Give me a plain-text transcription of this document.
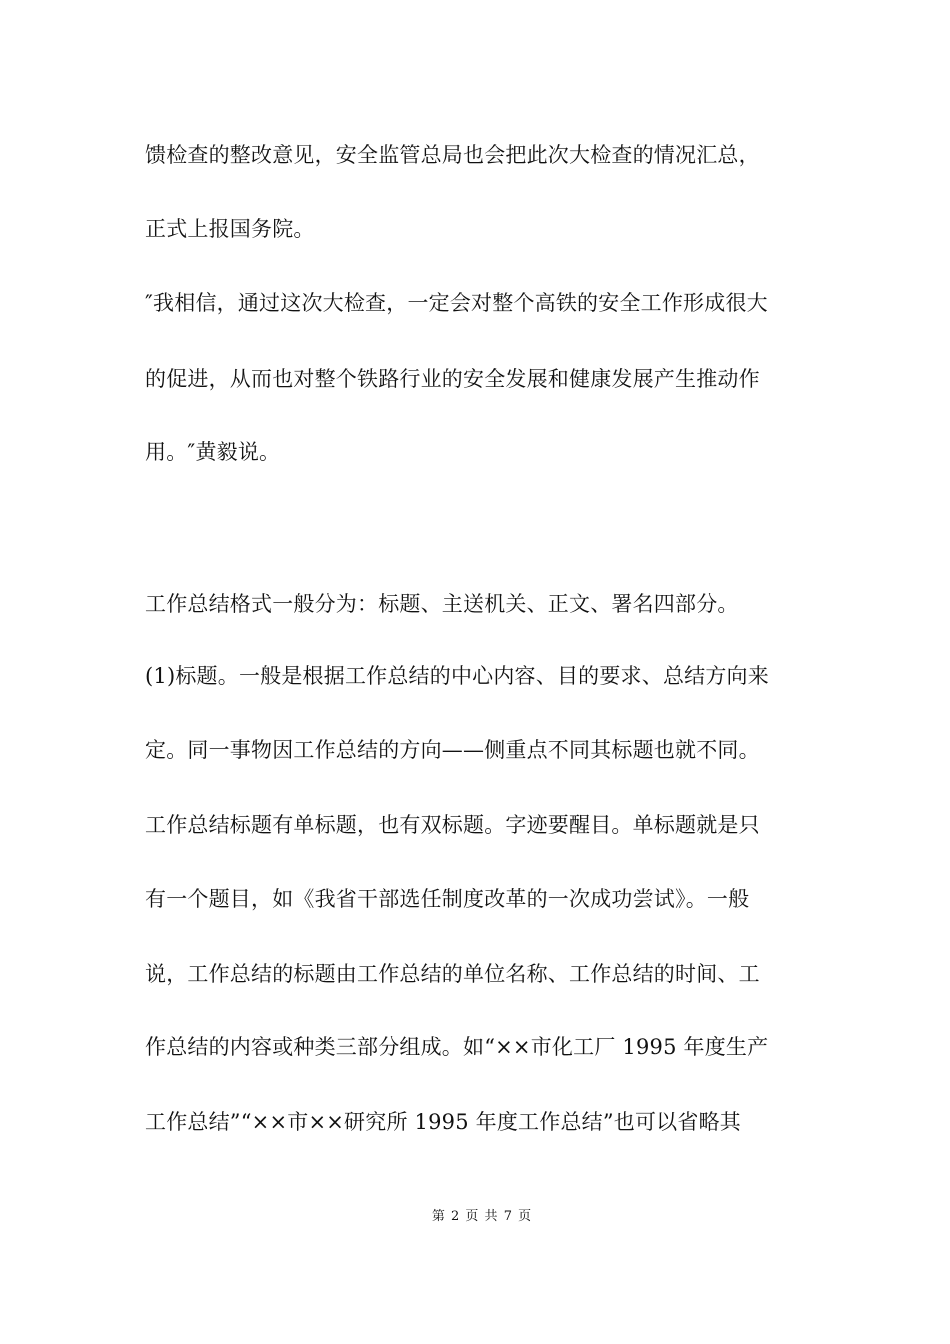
馈检查的整改意见，安全监管总局也会把此次大检查的情况汇总，
正式上报国务院。
″我相信，通过这次大检查，一定会对整个高铁的安全工作形成很大
的促进，从而也对整个铁路行业的安全发展和健康发展产生推动作
用。″黄毅说。
工作总结格式一般分为：标题、主送机关、正文、署名四部分。
(1)标题。一般是根据工作总结的中心内容、目的要求、总结方向来
定。同一事物因工作总结的方向——侧重点不同其标题也就不同。
工作总结标题有单标题，也有双标题。字迹要醒目。单标题就是只
有一个题目，如《我省干部选任制度改革的一次成功尝试》。一般
说，工作总结的标题由工作总结的单位名称、工作总结的时间、工
作总结的内容或种类三部分组成。如“××市化工厂 1995 年度生产
工作总结”“××市××研究所 1995 年度工作总结”也可以省略其
第 2 页 共 7 页
